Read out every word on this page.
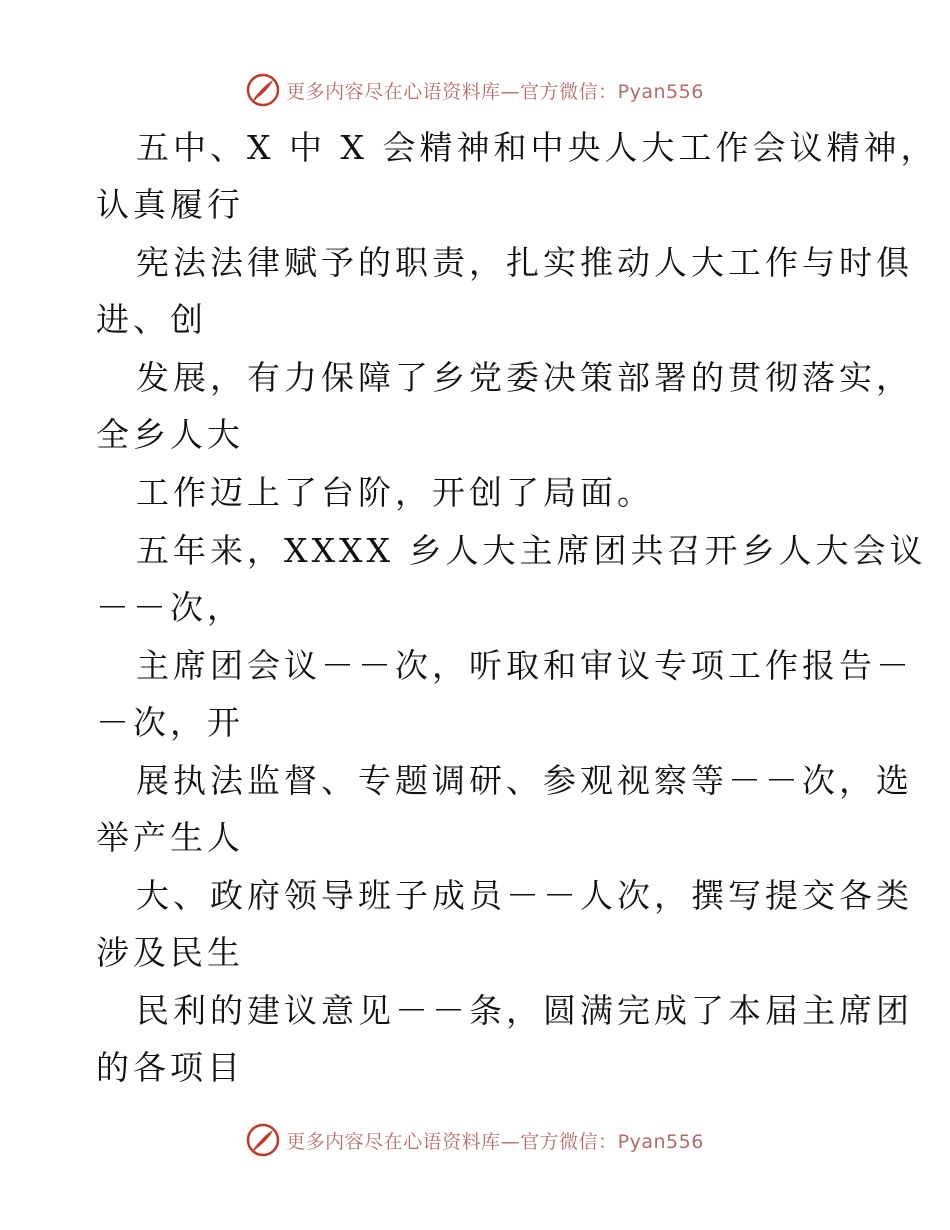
更多内容尽在心语资料库—官方微信：Pyan556
五中、X 中 X 会精神和中央人大工作会议精神，
认真履行
宪法法律赋予的职责，扎实推动人大工作与时俱
进、创
发展，有力保障了乡党委决策部署的贯彻落实，
全乡人大
工作迈上了台阶，开创了局面。
五年来，XXXX 乡人大主席团共召开乡人大会议
－－次，
主席团会议－－次，听取和审议专项工作报告－
－次，开
展执法监督、专题调研、参观视察等－－次，选
举产生人
大、政府领导班子成员－－人次，撰写提交各类
涉及民生
民利的建议意见－－条，圆满完成了本届主席团
的各项目
更多内容尽在心语资料库—官方微信：Pyan556
